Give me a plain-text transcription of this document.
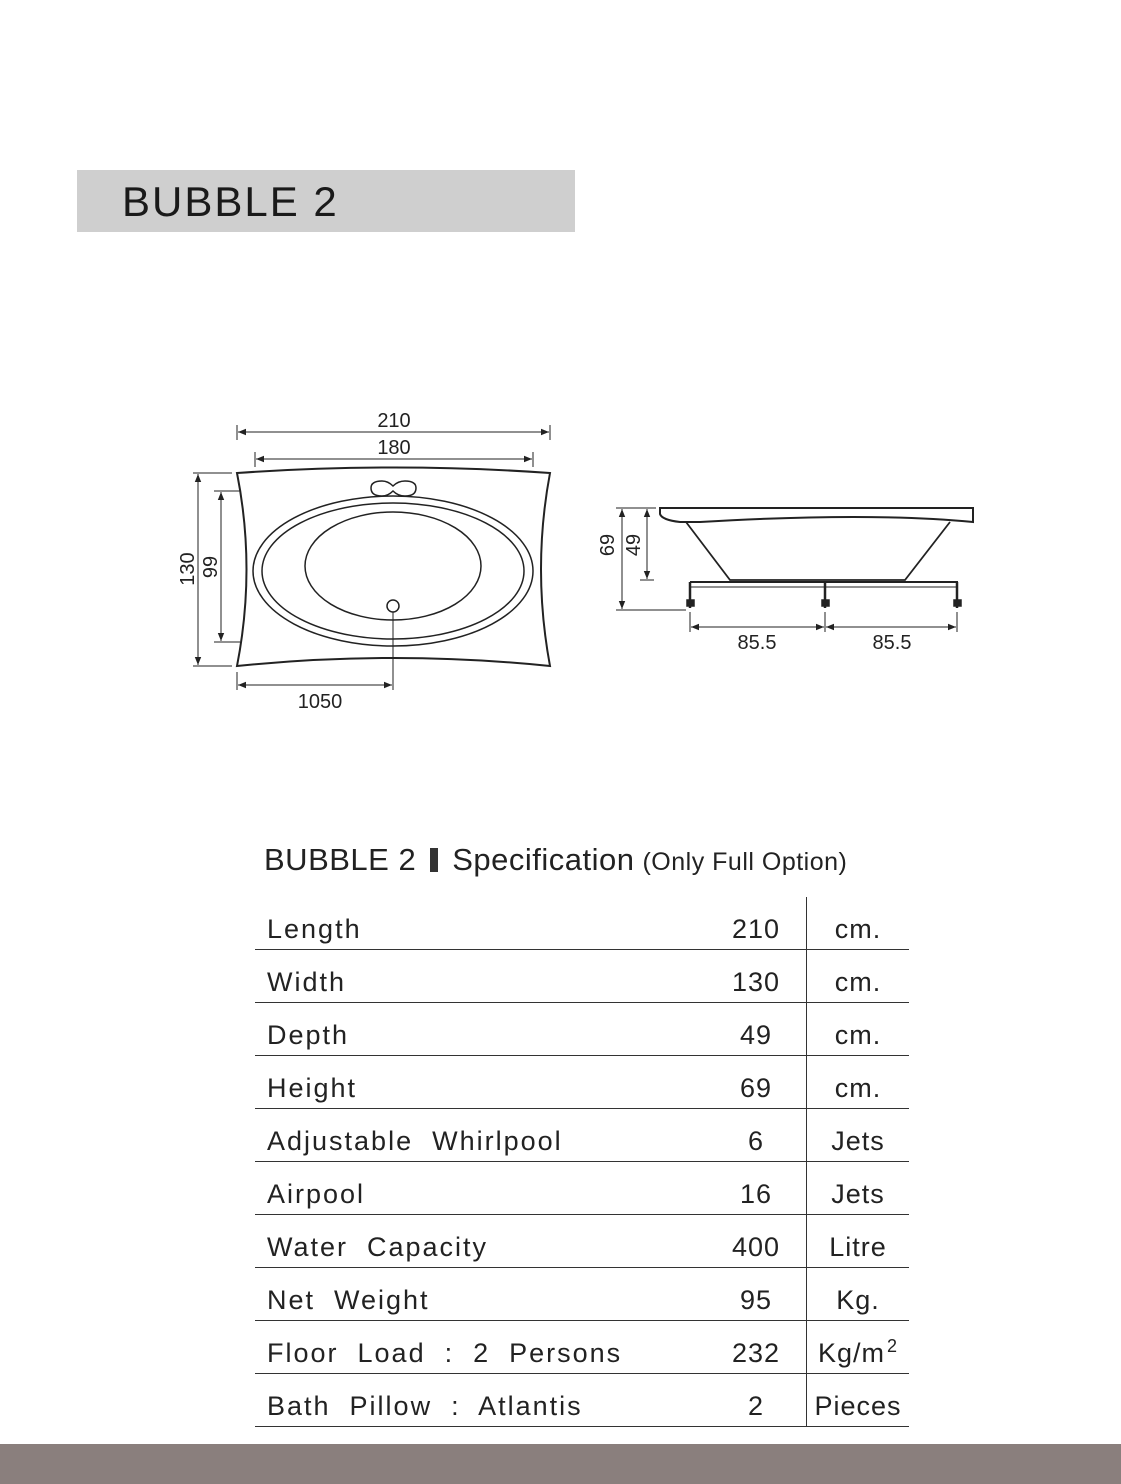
BUBBLE 2
210
180
130 99
1050
69 49
85.5	85.5
BUBBLE 2 Specification (Only Full Option)
Length	210	cm.
Width	130	cm.
Depth	49	cm.
Height	69	cm.
Adjustable  Whirlpool	6	Jets
Airpool	16	Jets
Water  Capacity	400	Litre
Net  Weight	95	Kg.
Floor  Load  :  2  Persons	232	Kg/m $^2$
Bath  Pillow  :  Atlantis	2	Pieces
